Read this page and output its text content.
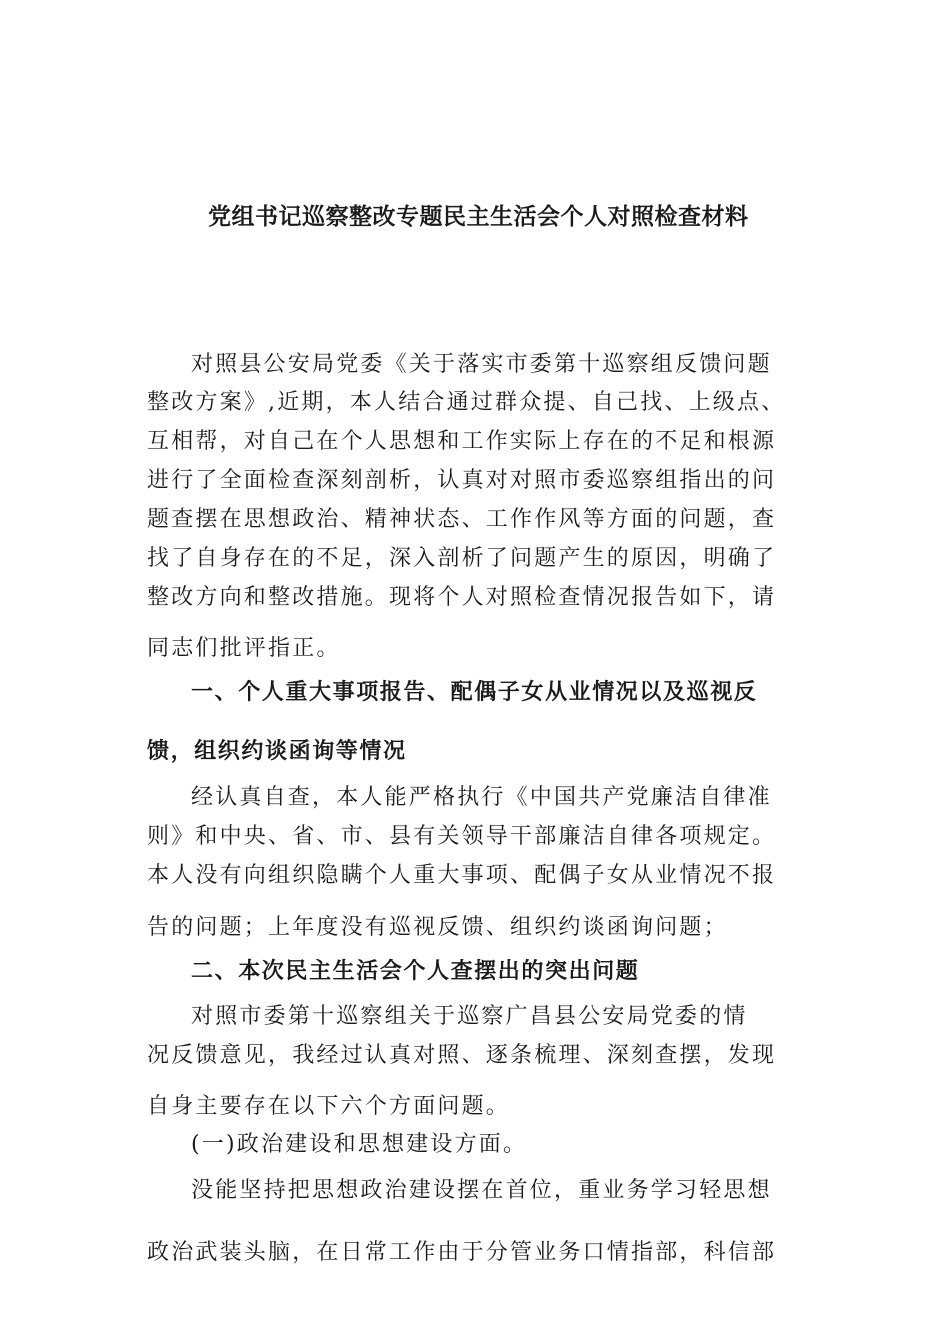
党组书记巡察整改专题民主生活会个人对照检查材料
对照县公安局党委《关于落实市委第十巡察组反馈问题
整改方案》,近期，本人结合通过群众提、自己找、上级点、
互相帮，对自己在个人思想和工作实际上存在的不足和根源
进行了全面检查深刻剖析，认真对对照市委巡察组指出的问
题查摆在思想政治、精神状态、工作作风等方面的问题，查
找了自身存在的不足，深入剖析了问题产生的原因，明确了
整改方向和整改措施。现将个人对照检查情况报告如下，请
同志们批评指正。
一、个人重大事项报告、配偶子女从业情况以及巡视反
馈，组织约谈函询等情况
经认真自查，本人能严格执行《中国共产党廉洁自律准
则》和中央、省、市、县有关领导干部廉洁自律各项规定。
本人没有向组织隐瞒个人重大事项、配偶子女从业情况不报
告的问题；上年度没有巡视反馈、组织约谈函询问题；
二、本次民主生活会个人查摆出的突出问题
对照市委第十巡察组关于巡察广昌县公安局党委的情
况反馈意见，我经过认真对照、逐条梳理、深刻查摆，发现
自身主要存在以下六个方面问题。
(一)政治建设和思想建设方面。
没能坚持把思想政治建设摆在首位，重业务学习轻思想
政治武装头脑，在日常工作由于分管业务口情指部，科信部
